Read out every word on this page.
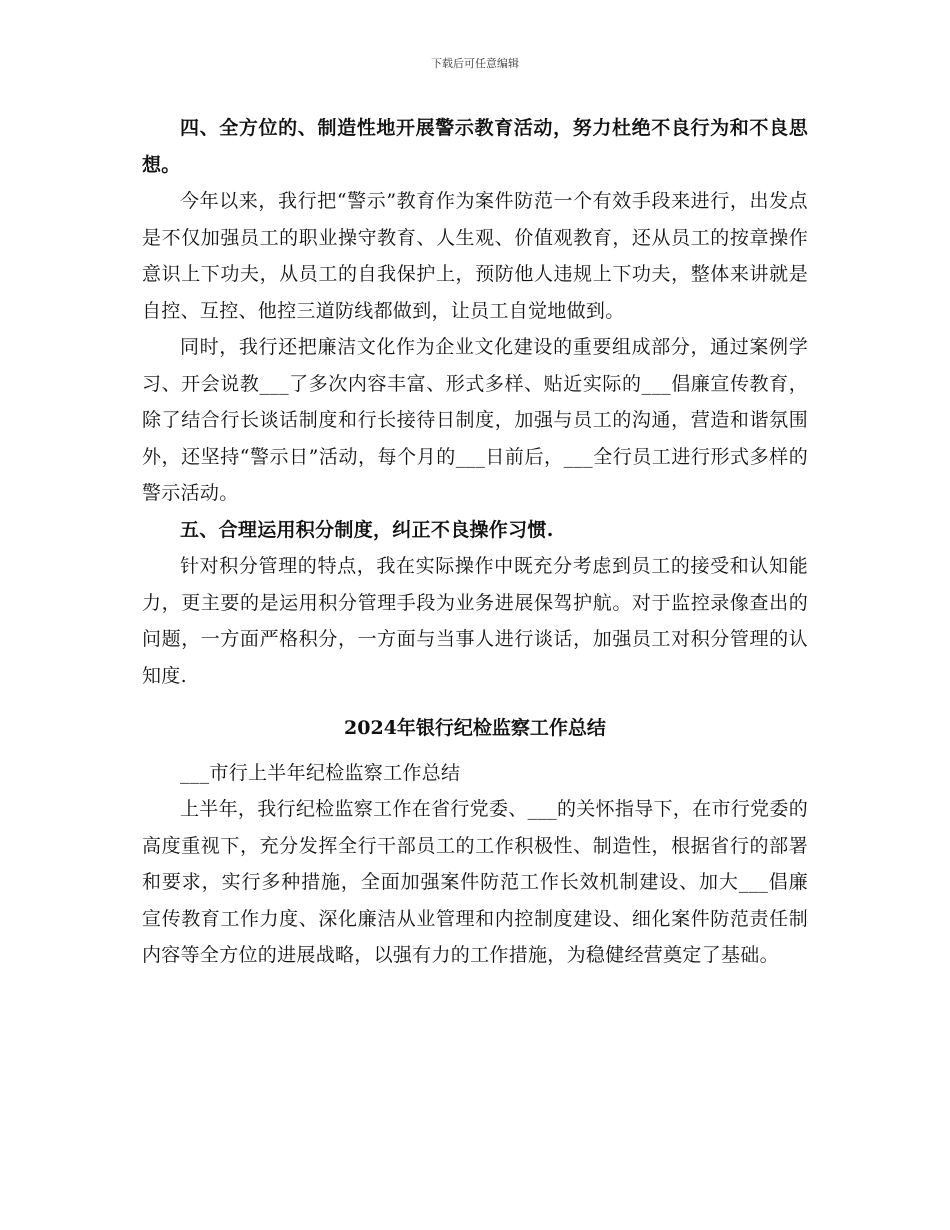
下载后可任意编辑

四、全方位的、制造性地开展警示教育活动，努力杜绝不良行为和不良思想。

今年以来，我行把“警示”教育作为案件防范一个有效手段来进行，出发点是不仅加强员工的职业操守教育、人生观、价值观教育，还从员工的按章操作意识上下功夫，从员工的自我保护上，预防他人违规上下功夫，整体来讲就是自控、互控、他控三道防线都做到，让员工自觉地做到。

同时，我行还把廉洁文化作为企业文化建设的重要组成部分，通过案例学习、开会说教___了多次内容丰富、形式多样、贴近实际的___倡廉宣传教育，除了结合行长谈话制度和行长接待日制度，加强与员工的沟通，营造和谐氛围外，还坚持“警示日”活动，每个月的___日前后，___全行员工进行形式多样的警示活动。

五、合理运用积分制度，纠正不良操作习惯.

针对积分管理的特点，我在实际操作中既充分考虑到员工的接受和认知能力，更主要的是运用积分管理手段为业务进展保驾护航。对于监控录像查出的问题，一方面严格积分，一方面与当事人进行谈话，加强员工对积分管理的认知度.

2024年银行纪检监察工作总结

___市行上半年纪检监察工作总结

上半年，我行纪检监察工作在省行党委、___的关怀指导下，在市行党委的高度重视下，充分发挥全行干部员工的工作积极性、制造性，根据省行的部署和要求，实行多种措施，全面加强案件防范工作长效机制建设、加大___倡廉宣传教育工作力度、深化廉洁从业管理和内控制度建设、细化案件防范责任制内容等全方位的进展战略，以强有力的工作措施，为稳健经营奠定了基础。
